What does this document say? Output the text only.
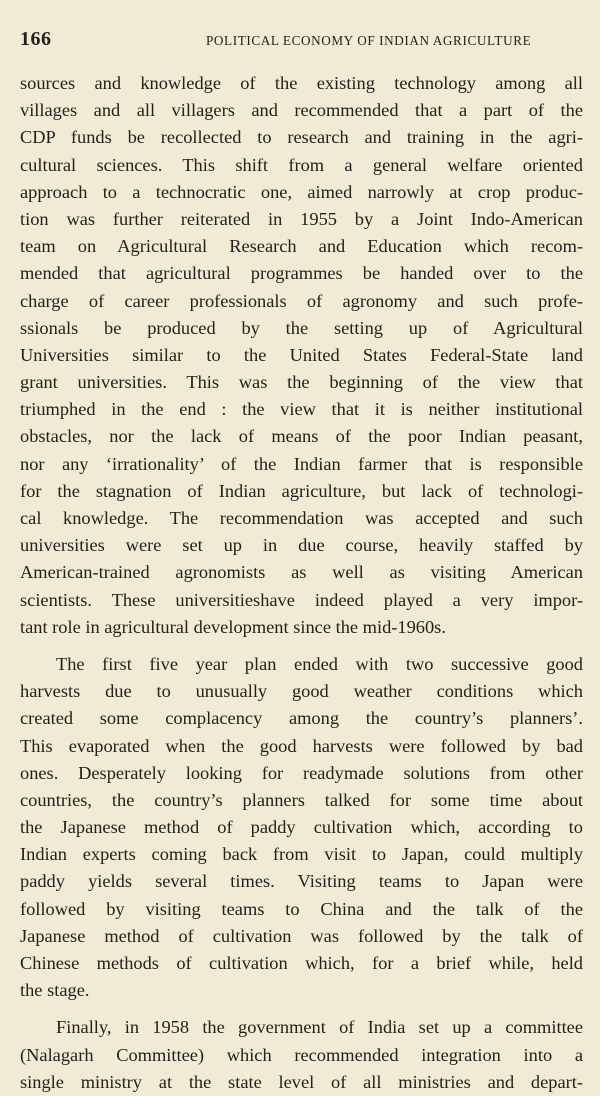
166	POLITICAL ECONOMY OF INDIAN AGRICULTURE
sources and knowledge of the existing technology among all
villages and all villagers and recommended that a part of the
CDP funds be recollected to research and training in the agri-
cultural sciences. This shift from a general welfare oriented
approach to a technocratic one, aimed narrowly at crop produc-
tion was further reiterated in 1955 by a Joint Indo-American
team on Agricultural Research and Education which recom-
mended that agricultural programmes be handed over to the
charge of career professionals of agronomy and such profe-
ssionals be produced by the setting up of Agricultural
Universities similar to the United States Federal-State land
grant universities. This was the beginning of the view that
triumphed in the end : the view that it is neither institutional
obstacles, nor the lack of means of the poor Indian peasant,
nor any ‘irrationality’ of the Indian farmer that is responsible
for the stagnation of Indian agriculture, but lack of technologi-
cal knowledge. The recommendation was accepted and such
universities were set up in due course, heavily staffed by
American-trained agronomists as well as visiting American
scientists. These universitieshave indeed played a very impor-
tant role in agricultural development since the mid-1960s.
The first five year plan ended with two successive good
harvests due to unusually good weather conditions which
created some complacency among the country’s planners’.
This evaporated when the good harvests were followed by bad
ones. Desperately looking for readymade solutions from other
countries, the country’s planners talked for some time about
the Japanese method of paddy cultivation which, according to
Indian experts coming back from visit to Japan, could multiply
paddy yields several times. Visiting teams to Japan were
followed by visiting teams to China and the talk of the
Japanese method of cultivation was followed by the talk of
Chinese methods of cultivation which, for a brief while, held
the stage.
Finally, in 1958 the government of India set up a committee
(Nalagarh Committee) which recommended integration into a
single ministry at the state level of all ministries and depart-
